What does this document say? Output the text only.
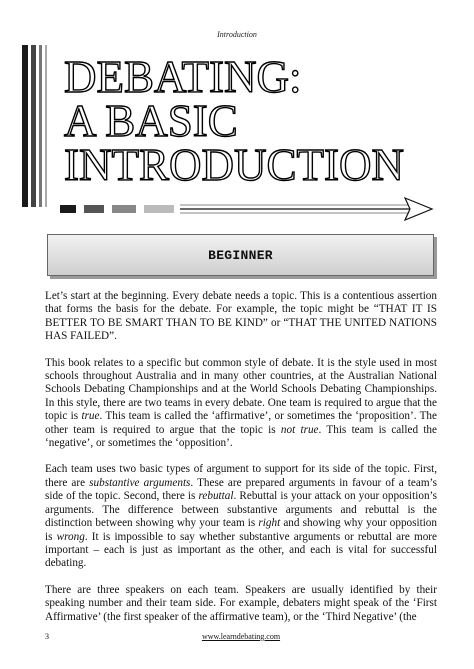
Introduction
DEBATING:
A BASIC
INTRODUCTION
BEGINNER

Let’s start at the beginning. Every debate needs a topic. This is a contentious assertion that forms the basis for the debate. For example, the topic might be “THAT IT IS BETTER TO BE SMART THAN TO BE KIND” or “THAT THE UNITED NATIONS HAS FAILED”.

This book relates to a specific but common style of debate. It is the style used in most schools throughout Australia and in many other countries, at the Australian National Schools Debating Championships and at the World Schools Debating Championships. In this style, there are two teams in every debate. One team is required to argue that the topic is true. This team is called the ‘affirmative’, or sometimes the ‘proposition’. The other team is required to argue that the topic is not true. This team is called the ‘negative’, or sometimes the ‘opposition’.

Each team uses two basic types of argument to support for its side of the topic. First, there are substantive arguments. These are prepared arguments in favour of a team’s side of the topic. Second, there is rebuttal. Rebuttal is your attack on your opposition’s arguments. The difference between substantive arguments and rebuttal is the distinction between showing why your team is right and showing why your opposition is wrong. It is impossible to say whether substantive arguments or rebuttal are more important – each is just as important as the other, and each is vital for successful debating.

There are three speakers on each team. Speakers are usually identified by their speaking number and their team side. For example, debaters might speak of the ‘First Affirmative’ (the first speaker of the affirmative team), or the ‘Third Negative’ (the

3	www.learndebating.com
